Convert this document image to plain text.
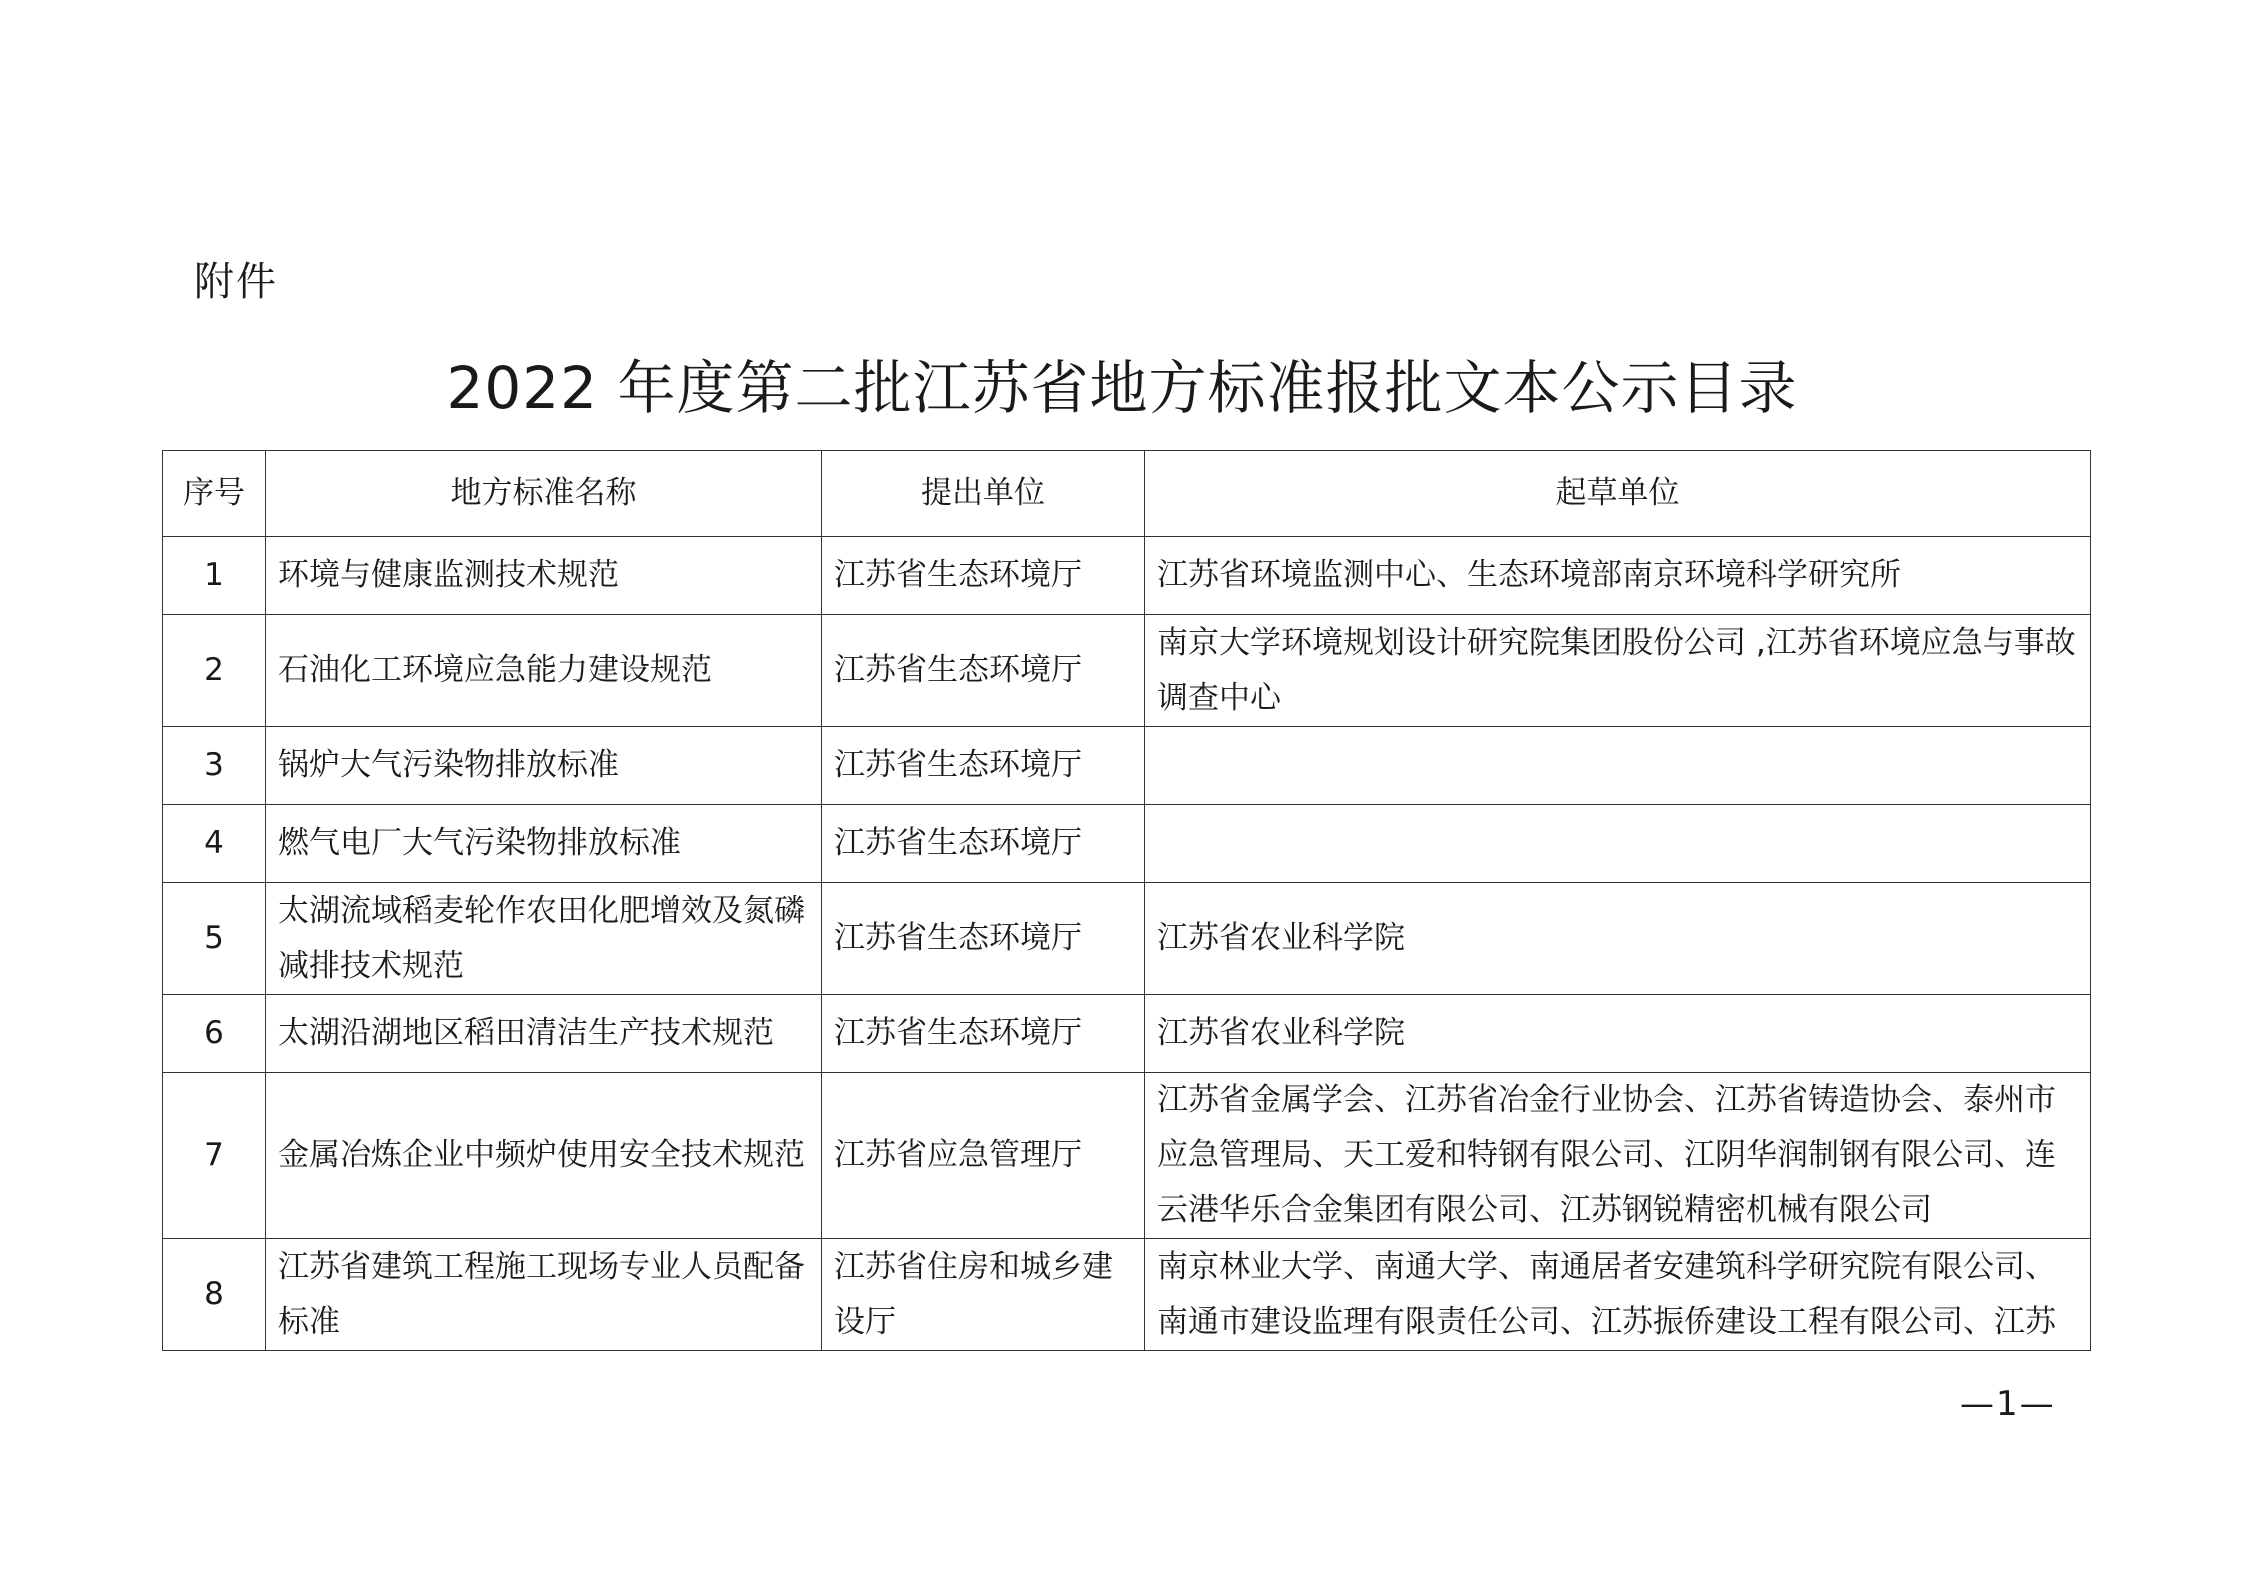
附件
2022 年度第二批江苏省地方标准报批文本公示目录
序号	地方标准名称	提出单位	起草单位
1	环境与健康监测技术规范	江苏省生态环境厅	江苏省环境监测中心、生态环境部南京环境科学研究所
2	石油化工环境应急能力建设规范	江苏省生态环境厅	南京大学环境规划设计研究院集团股份公司 ,江苏省环境应急与事故调查中心
3	锅炉大气污染物排放标准	江苏省生态环境厅	
4	燃气电厂大气污染物排放标准	江苏省生态环境厅	
5	太湖流域稻麦轮作农田化肥增效及氮磷减排技术规范	江苏省生态环境厅	江苏省农业科学院
6	太湖沿湖地区稻田清洁生产技术规范	江苏省生态环境厅	江苏省农业科学院
7	金属冶炼企业中频炉使用安全技术规范	江苏省应急管理厅	江苏省金属学会、江苏省冶金行业协会、江苏省铸造协会、泰州市应急管理局、天工爱和特钢有限公司、江阴华润制钢有限公司、连云港华乐合金集团有限公司、江苏钢锐精密机械有限公司
8	江苏省建筑工程施工现场专业人员配备标准	江苏省住房和城乡建设厅	南京林业大学、南通大学、南通居者安建筑科学研究院有限公司、南通市建设监理有限责任公司、江苏振侨建设工程有限公司、江苏
—1—
